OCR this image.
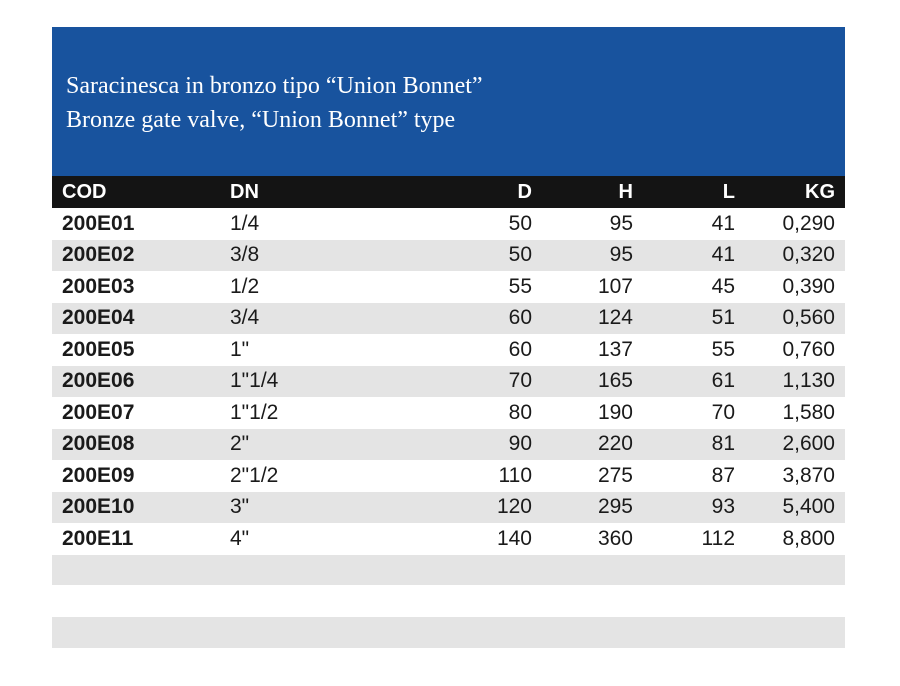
Saracinesca in bronzo tipo “Union Bonnet”
Bronze gate valve, “Union Bonnet” type
COD	DN	D	H	L	KG
200E01	1/4	50	95	41	0,290
200E02	3/8	50	95	41	0,320
200E03	1/2	55	107	45	0,390
200E04	3/4	60	124	51	0,560
200E05	1"	60	137	55	0,760
200E06	1"1/4	70	165	61	1,130
200E07	1"1/2	80	190	70	1,580
200E08	2"	90	220	81	2,600
200E09	2"1/2	110	275	87	3,870
200E10	3"	120	295	93	5,400
200E11	4"	140	360	112	8,800
